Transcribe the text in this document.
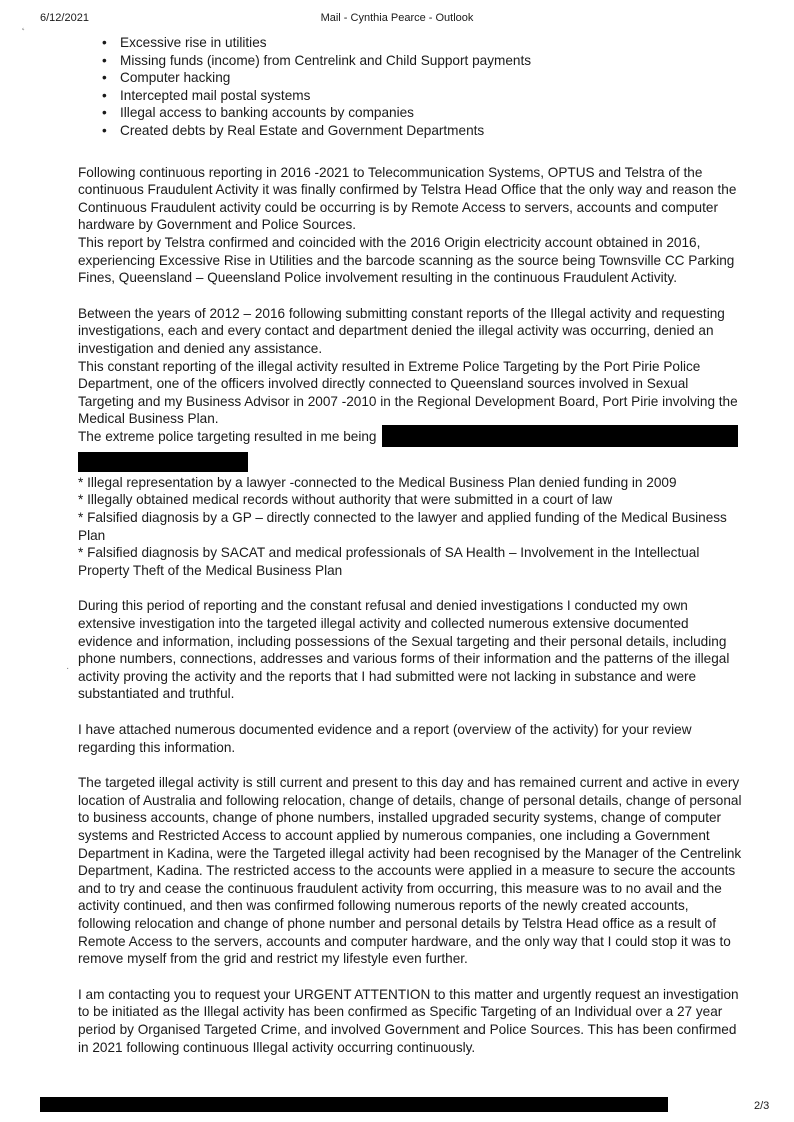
6/12/2021	Mail - Cynthia Pearce - Outlook
˛
·
• Excessive rise in utilities
• Missing funds (income) from Centrelink and Child Support payments
• Computer hacking
• Intercepted mail postal systems
• Illegal access to banking accounts by companies
• Created debts by Real Estate and Government Departments

Following continuous reporting in 2016 -2021 to Telecommunication Systems, OPTUS and Telstra of the continuous Fraudulent Activity it was finally confirmed by Telstra Head Office that the only way and reason the Continuous Fraudulent activity could be occurring is by Remote Access to servers, accounts and computer hardware by Government and Police Sources.

This report by Telstra confirmed and coincided with the 2016 Origin electricity account obtained in 2016, experiencing Excessive Rise in Utilities and the barcode scanning as the source being Townsville CC Parking Fines, Queensland – Queensland Police involvement resulting in the continuous Fraudulent Activity.

Between the years of 2012 – 2016 following submitting constant reports of the Illegal activity and requesting investigations, each and every contact and department denied the illegal activity was occurring, denied an investigation and denied any assistance.

This constant reporting of the illegal activity resulted in Extreme Police Targeting by the Port Pirie Police Department, one of the officers involved directly connected to Queensland sources involved in Sexual Targeting and my Business Advisor in 2007 -2010 in the Regional Development Board, Port Pirie involving the Medical Business Plan.

The extreme police targeting resulted in me being

* Illegal representation by a lawyer -connected to the Medical Business Plan denied funding in 2009

* Illegally obtained medical records without authority that were submitted in a court of law

* Falsified diagnosis by a GP – directly connected to the lawyer and applied funding of the Medical Business Plan

* Falsified diagnosis by SACAT and medical professionals of SA Health – Involvement in the Intellectual Property Theft of the Medical Business Plan

During this period of reporting and the constant refusal and denied investigations I conducted my own extensive investigation into the targeted illegal activity and collected numerous extensive documented evidence and information, including possessions of the Sexual targeting and their personal details, including phone numbers, connections, addresses and various forms of their information and the patterns of the illegal activity proving the activity and the reports that I had submitted were not lacking in substance and were substantiated and truthful.

I have attached numerous documented evidence and a report (overview of the activity) for your review regarding this information.

The targeted illegal activity is still current and present to this day and has remained current and active in every location of Australia and following relocation, change of details, change of personal details, change of personal to business accounts, change of phone numbers, installed upgraded security systems, change of computer systems and Restricted Access to account applied by numerous companies, one including a Government Department in Kadina, were the Targeted illegal activity had been recognised by the Manager of the Centrelink Department, Kadina. The restricted access to the accounts were applied in a measure to secure the accounts and to try and cease the continuous fraudulent activity from occurring, this measure was to no avail and the activity continued, and then was confirmed following numerous reports of the newly created accounts, following relocation and change of phone number and personal details by Telstra Head office as a result of Remote Access to the servers, accounts and computer hardware, and the only way that I could stop it was to remove myself from the grid and restrict my lifestyle even further.

I am contacting you to request your URGENT ATTENTION to this matter and urgently request an investigation to be initiated as the Illegal activity has been confirmed as Specific Targeting of an Individual over a 27 year period by Organised Targeted Crime, and involved Government and Police Sources. This has been confirmed in 2021 following continuous Illegal activity occurring continuously.

2/3
